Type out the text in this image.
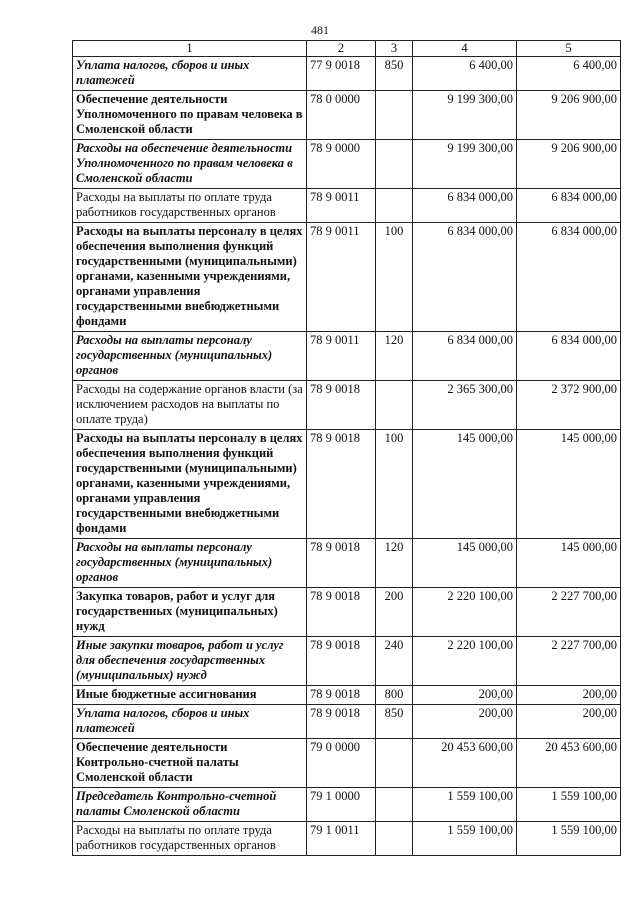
481
1	2	3	4	5
Уплата налогов, сборов и иных платежей	77 9 0018	850	6 400,00	6 400,00
Обеспечение деятельности Уполномоченного по правам человека в Смоленской области	78 0 0000		9 199 300,00	9 206 900,00
Расходы на обеспечение деятельности Уполномоченного по правам человека в Смоленской области	78 9 0000		9 199 300,00	9 206 900,00
Расходы на выплаты по оплате труда работников государственных органов	78 9 0011		6 834 000,00	6 834 000,00
Расходы на выплаты персоналу в целях обеспечения выполнения функций государственными (муниципальными) органами, казенными учреждениями, органами управления государственными внебюджетными фондами	78 9 0011	100	6 834 000,00	6 834 000,00
Расходы на выплаты персоналу государственных (муниципальных) органов	78 9 0011	120	6 834 000,00	6 834 000,00
Расходы на содержание органов власти (за исключением расходов на выплаты по оплате труда)	78 9 0018		2 365 300,00	2 372 900,00
Расходы на выплаты персоналу в целях обеспечения выполнения функций государственными (муниципальными) органами, казенными учреждениями, органами управления государственными внебюджетными фондами	78 9 0018	100	145 000,00	145 000,00
Расходы на выплаты персоналу государственных (муниципальных) органов	78 9 0018	120	145 000,00	145 000,00
Закупка товаров, работ и услуг для государственных (муниципальных) нужд	78 9 0018	200	2 220 100,00	2 227 700,00
Иные закупки товаров, работ и услуг для обеспечения государственных (муниципальных) нужд	78 9 0018	240	2 220 100,00	2 227 700,00
Иные бюджетные ассигнования	78 9 0018	800	200,00	200,00
Уплата налогов, сборов и иных платежей	78 9 0018	850	200,00	200,00
Обеспечение деятельности Контрольно-счетной палаты Смоленской области	79 0 0000		20 453 600,00	20 453 600,00
Председатель Контрольно-счетной палаты Смоленской области	79 1 0000		1 559 100,00	1 559 100,00
Расходы на выплаты по оплате труда работников государственных органов	79 1 0011		1 559 100,00	1 559 100,00
